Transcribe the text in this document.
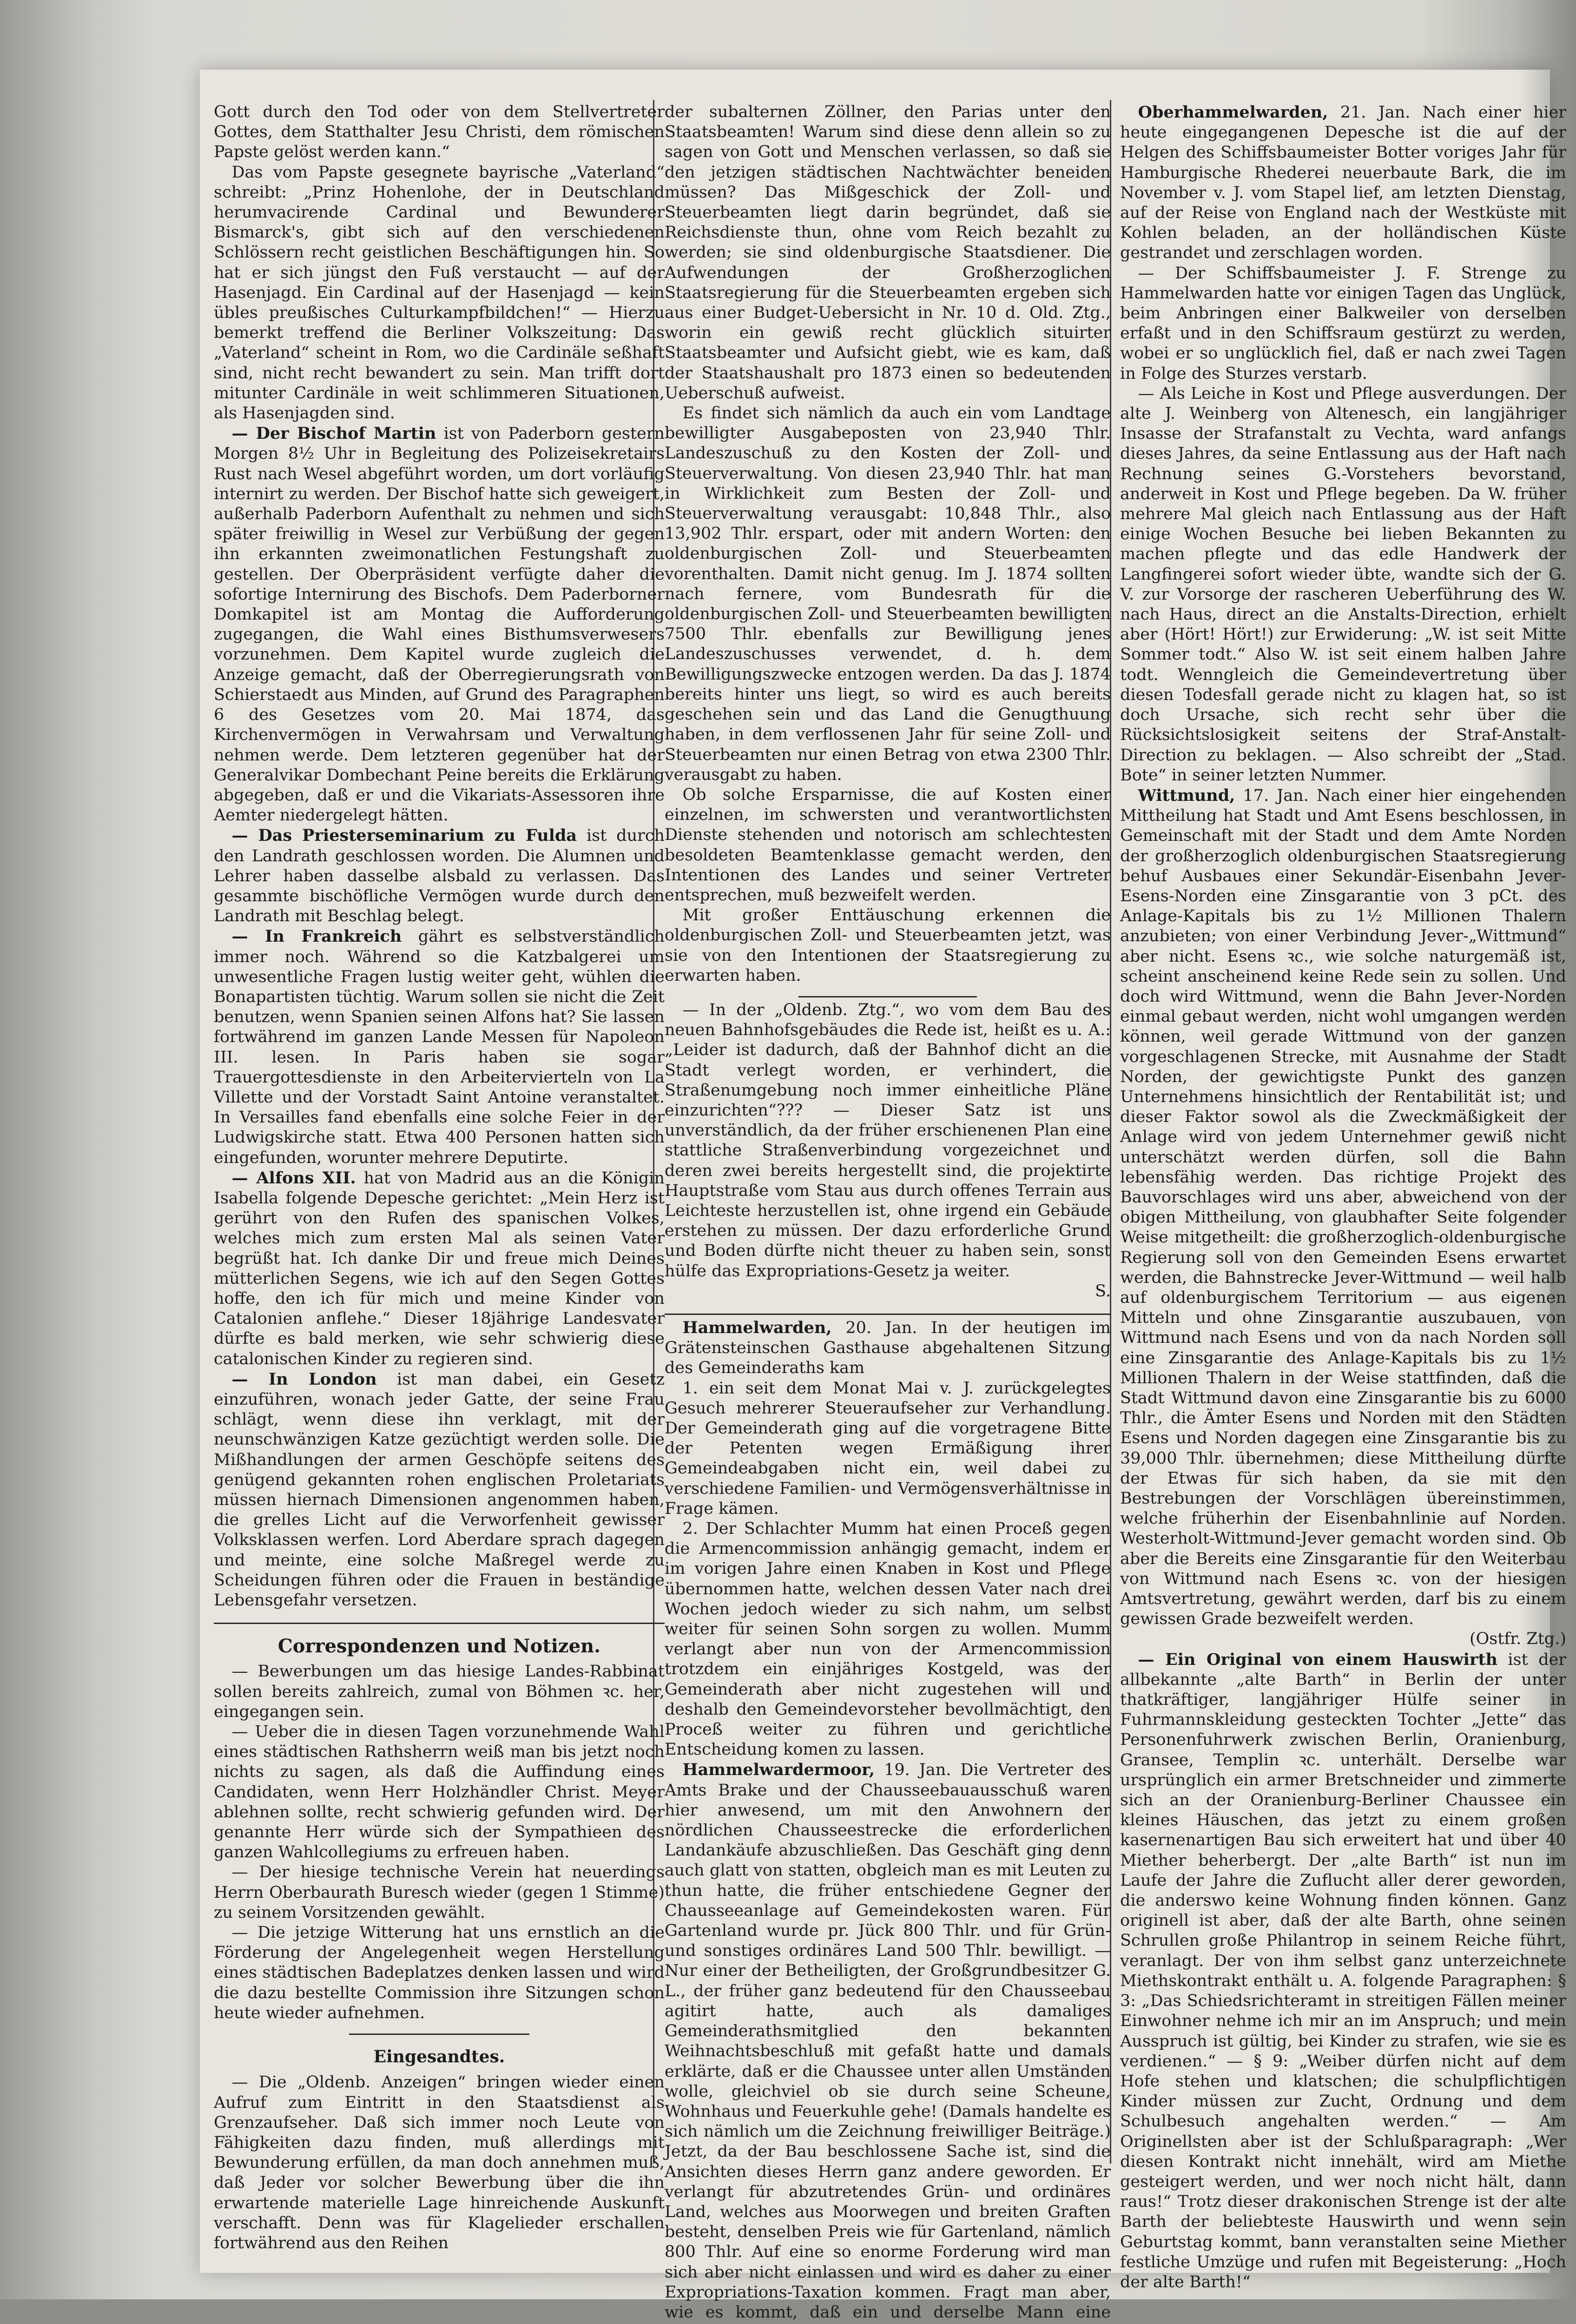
Gott durch den Tod oder von dem Stellvertreter Gottes, dem Statthalter Jesu Christi, dem römischen Papste gelöst werden kann.“

Das vom Papste gesegnete bayrische „Vaterland“ schreibt: „Prinz Hohenlohe, der in Deutschland herumvacirende Cardinal und Bewunderer Bismarck's, gibt sich auf den verschiedenen Schlössern recht geistlichen Beschäftigungen hin. So hat er sich jüngst den Fuß verstaucht — auf der Hasenjagd. Ein Cardinal auf der Hasenjagd — kein übles preußisches Culturkampfbildchen!“ — Hierzu bemerkt treffend die Berliner Volkszeitung: Das „Vaterland“ scheint in Rom, wo die Cardinäle seßhaft sind, nicht recht bewandert zu sein. Man trifft dort mitunter Cardinäle in weit schlimmeren Situationen, als Hasenjagden sind.

— Der Bischof Martin ist von Paderborn gestern Morgen 8½ Uhr in Begleitung des Polizeisekretairs Rust nach Wesel abgeführt worden, um dort vorläufig internirt zu werden. Der Bischof hatte sich geweigert, außerhalb Paderborn Aufenthalt zu nehmen und sich später freiwillig in Wesel zur Verbüßung der gegen ihn erkannten zweimonatlichen Festungshaft zu gestellen. Der Oberpräsident verfügte daher die sofortige Internirung des Bischofs. Dem Paderborner Domkapitel ist am Montag die Aufforderung zugegangen, die Wahl eines Bisthumsverwesers vorzunehmen. Dem Kapitel wurde zugleich die Anzeige gemacht, daß der Oberregierungsrath von Schierstaedt aus Minden, auf Grund des Paragraphen 6 des Gesetzes vom 20. Mai 1874, das Kirchenvermögen in Verwahrsam und Verwaltung nehmen werde. Dem letzteren gegenüber hat der Generalvikar Dombechant Peine bereits die Erklärung abgegeben, daß er und die Vikariats-Assessoren ihre Aemter niedergelegt hätten.

— Das Priesterseminarium zu Fulda ist durch den Landrath geschlossen worden. Die Alumnen und Lehrer haben dasselbe alsbald zu verlassen. Das gesammte bischöfliche Vermögen wurde durch den Landrath mit Beschlag belegt.

— In Frankreich gährt es selbstverständlich immer noch. Während so die Katzbalgerei um unwesentliche Fragen lustig weiter geht, wühlen die Bonapartisten tüchtig. Warum sollen sie nicht die Zeit benutzen, wenn Spanien seinen Alfons hat? Sie lassen fortwährend im ganzen Lande Messen für Napoleon III. lesen. In Paris haben sie sogar Trauergottesdienste in den Arbeitervierteln von La Villette und der Vorstadt Saint Antoine veranstaltet. In Versailles fand ebenfalls eine solche Feier in der Ludwigskirche statt. Etwa 400 Personen hatten sich eingefunden, worunter mehrere Deputirte.

— Alfons XII. hat von Madrid aus an die Königin Isabella folgende Depesche gerichtet: „Mein Herz ist gerührt von den Rufen des spanischen Volkes, welches mich zum ersten Mal als seinen Vater begrüßt hat. Ich danke Dir und freue mich Deines mütterlichen Segens, wie ich auf den Segen Gottes hoffe, den ich für mich und meine Kinder von Catalonien anflehe.“ Dieser 18jährige Landesvater dürfte es bald merken, wie sehr schwierig diese catalonischen Kinder zu regieren sind.

— In London ist man dabei, ein Gesetz einzuführen, wonach jeder Gatte, der seine Frau schlägt, wenn diese ihn verklagt, mit der neunschwänzigen Katze gezüchtigt werden solle. Die Mißhandlungen der armen Geschöpfe seitens des genügend gekannten rohen englischen Proletariats müssen hiernach Dimensionen angenommen haben, die grelles Licht auf die Verworfenheit gewisser Volksklassen werfen. Lord Aberdare sprach dagegen und meinte, eine solche Maßregel werde zu Scheidungen führen oder die Frauen in beständige Lebensgefahr versetzen.

Correspondenzen und Notizen.

— Bewerbungen um das hiesige Landes-Rabbinat sollen bereits zahlreich, zumal von Böhmen ꝛc. her, eingegangen sein.

— Ueber die in diesen Tagen vorzunehmende Wahl eines städtischen Rathsherrn weiß man bis jetzt noch nichts zu sagen, als daß die Auffindung eines Candidaten, wenn Herr Holzhändler Christ. Meyer ablehnen sollte, recht schwierig gefunden wird. Der genannte Herr würde sich der Sympathieen des ganzen Wahlcollegiums zu erfreuen haben.

— Der hiesige technische Verein hat neuerdings Herrn Oberbaurath Buresch wieder (gegen 1 Stimme) zu seinem Vorsitzenden gewählt.

— Die jetzige Witterung hat uns ernstlich an die Förderung der Angelegenheit wegen Herstellung eines städtischen Badeplatzes denken lassen und wird die dazu bestellte Commission ihre Sitzungen schon heute wieder aufnehmen.

Eingesandtes.

— Die „Oldenb. Anzeigen“ bringen wieder einen Aufruf zum Eintritt in den Staatsdienst als Grenzaufseher. Daß sich immer noch Leute von Fähigkeiten dazu finden, muß allerdings mit Bewunderung erfüllen, da man doch annehmen muß, daß Jeder vor solcher Bewerbung über die ihn erwartende materielle Lage hinreichende Auskunft verschafft. Denn was für Klagelieder erschallen fortwährend aus den Reihen

der subalternen Zöllner, den Parias unter den Staatsbeamten! Warum sind diese denn allein so zu sagen von Gott und Menschen verlassen, so daß sie den jetzigen städtischen Nachtwächter beneiden müssen? Das Mißgeschick der Zoll- und Steuerbeamten liegt darin begründet, daß sie Reichsdienste thun, ohne vom Reich bezahlt zu werden; sie sind oldenburgische Staatsdiener. Die Aufwendungen der Großherzoglichen Staatsregierung für die Steuerbeamten ergeben sich aus einer Budget-Uebersicht in Nr. 10 d. Old. Ztg., worin ein gewiß recht glücklich situirter Staatsbeamter und Aufsicht giebt, wie es kam, daß der Staatshaushalt pro 1873 einen so bedeutenden Ueberschuß aufweist.

Es findet sich nämlich da auch ein vom Landtage bewilligter Ausgabeposten von 23,940 Thlr. Landeszuschuß zu den Kosten der Zoll- und Steuerverwaltung. Von diesen 23,940 Thlr. hat man in Wirklichkeit zum Besten der Zoll- und Steuerverwaltung verausgabt: 10,848 Thlr., also 13,902 Thlr. erspart, oder mit andern Worten: den oldenburgischen Zoll- und Steuerbeamten vorenthalten. Damit nicht genug. Im J. 1874 sollten nach fernere, vom Bundesrath für die oldenburgischen Zoll- und Steuerbeamten bewilligten 7500 Thlr. ebenfalls zur Bewilligung jenes Landeszuschusses verwendet, d. h. dem Bewilligungszwecke entzogen werden. Da das J. 1874 bereits hinter uns liegt, so wird es auch bereits geschehen sein und das Land die Genugthuung haben, in dem verflossenen Jahr für seine Zoll- und Steuerbeamten nur einen Betrag von etwa 2300 Thlr. verausgabt zu haben.

Ob solche Ersparnisse, die auf Kosten einer einzelnen, im schwersten und verantwortlichsten Dienste stehenden und notorisch am schlechtesten besoldeten Beamtenklasse gemacht werden, den Intentionen des Landes und seiner Vertreter entsprechen, muß bezweifelt werden.

Mit großer Enttäuschung erkennen die oldenburgischen Zoll- und Steuerbeamten jetzt, was sie von den Intentionen der Staatsregierung zu erwarten haben.

— In der „Oldenb. Ztg.“, wo vom dem Bau des neuen Bahnhofsgebäudes die Rede ist, heißt es u. A.: „Leider ist dadurch, daß der Bahnhof dicht an die Stadt verlegt worden, er verhindert, die Straßenumgebung noch immer einheitliche Pläne einzurichten“??? — Dieser Satz ist uns unverständlich, da der früher erschienenen Plan eine stattliche Straßenverbindung vorgezeichnet und deren zwei bereits hergestellt sind, die projektirte Hauptstraße vom Stau aus durch offenes Terrain aus Leichteste herzustellen ist, ohne irgend ein Gebäude erstehen zu müssen. Der dazu erforderliche Grund und Boden dürfte nicht theuer zu haben sein, sonst hülfe das Expropriations-Gesetz ja weiter.

S.

Hammelwarden, 20. Jan. In der heutigen im Grätensteinschen Gasthause abgehaltenen Sitzung des Gemeinderaths kam

1. ein seit dem Monat Mai v. J. zurückgelegtes Gesuch mehrerer Steueraufseher zur Verhandlung. Der Gemeinderath ging auf die vorgetragene Bitte der Petenten wegen Ermäßigung ihrer Gemeindeabgaben nicht ein, weil dabei zu verschiedene Familien- und Vermögensverhältnisse in Frage kämen.

2. Der Schlachter Mumm hat einen Proceß gegen die Armencommission anhängig gemacht, indem er im vorigen Jahre einen Knaben in Kost und Pflege übernommen hatte, welchen dessen Vater nach drei Wochen jedoch wieder zu sich nahm, um selbst weiter für seinen Sohn sorgen zu wollen. Mumm verlangt aber nun von der Armencommission trotzdem ein einjähriges Kostgeld, was der Gemeinderath aber nicht zugestehen will und deshalb den Gemeindevorsteher bevollmächtigt, den Proceß weiter zu führen und gerichtliche Entscheidung komen zu lassen.

Hammelwardermoor, 19. Jan. Die Vertreter des Amts Brake und der Chausseebauausschuß waren hier anwesend, um mit den Anwohnern der nördlichen Chausseestrecke die erforderlichen Landankäufe abzuschließen. Das Geschäft ging denn auch glatt von statten, obgleich man es mit Leuten zu thun hatte, die früher entschiedene Gegner der Chausseeanlage auf Gemeindekosten waren. Für Gartenland wurde pr. Jück 800 Thlr. und für Grün- und sonstiges ordinäres Land 500 Thlr. bewilligt. — Nur einer der Betheiligten, der Großgrundbesitzer G. L., der früher ganz bedeutend für den Chausseebau agitirt hatte, auch als damaliges Gemeinderathsmitglied den bekannten Weihnachtsbeschluß mit gefaßt hatte und damals erklärte, daß er die Chaussee unter allen Umständen wolle, gleichviel ob sie durch seine Scheune, Wohnhaus und Feuerkuhle gehe! (Damals handelte es sich nämlich um die Zeichnung freiwilliger Beiträge.) Jetzt, da der Bau beschlossene Sache ist, sind die Ansichten dieses Herrn ganz andere geworden. Er verlangt für abzutretendes Grün- und ordinäres Land, welches aus Moorwegen und breiten Graften besteht, denselben Preis wie für Gartenland, nämlich 800 Thlr. Auf eine so enorme Forderung wird man sich aber nicht einlassen und wird es daher zu einer Expropriations-Taxation kommen. Fragt man aber, wie es kommt, daß ein und derselbe Mann eine

Oberhammelwarden, 21. Jan. Nach einer hier heute eingegangenen Depesche ist die auf der Helgen des Schiffsbaumeister Botter voriges Jahr für Hamburgische Rhederei neuerbaute Bark, die im November v. J. vom Stapel lief, am letzten Dienstag, auf der Reise von England nach der Westküste mit Kohlen beladen, an der holländischen Küste gestrandet und zerschlagen worden.

— Der Schiffsbaumeister J. F. Strenge zu Hammelwarden hatte vor einigen Tagen das Unglück, beim Anbringen einer Balkweiler von derselben erfaßt und in den Schiffsraum gestürzt zu werden, wobei er so unglücklich fiel, daß er nach zwei Tagen in Folge des Sturzes verstarb.

— Als Leiche in Kost und Pflege ausverdungen. Der alte J. Weinberg von Altenesch, ein langjähriger Insasse der Strafanstalt zu Vechta, ward anfangs dieses Jahres, da seine Entlassung aus der Haft nach Rechnung seines G.-Vorstehers bevorstand, anderweit in Kost und Pflege begeben. Da W. früher mehrere Mal gleich nach Entlassung aus der Haft einige Wochen Besuche bei lieben Bekannten zu machen pflegte und das edle Handwerk der Langfingerei sofort wieder übte, wandte sich der G. V. zur Vorsorge der rascheren Ueberführung des W. nach Haus, direct an die Anstalts-Direction, erhielt aber (Hört! Hört!) zur Erwiderung: „W. ist seit Mitte Sommer todt.“ Also W. ist seit einem halben Jahre todt. Wenngleich die Gemeindevertretung über diesen Todesfall gerade nicht zu klagen hat, so ist doch Ursache, sich recht sehr über die Rücksichtslosigkeit seitens der Straf-Anstalt-Direction zu beklagen. — Also schreibt der „Stad. Bote“ in seiner letzten Nummer.

Wittmund, 17. Jan. Nach einer hier eingehenden Mittheilung hat Stadt und Amt Esens beschlossen, in Gemeinschaft mit der Stadt und dem Amte Norden der großherzoglich oldenburgischen Staatsregierung behuf Ausbaues einer Sekundär-Eisenbahn Jever-Esens-Norden eine Zinsgarantie von 3 pCt. des Anlage-Kapitals bis zu 1½ Millionen Thalern anzubieten; von einer Verbindung Jever-„Wittmund“ aber nicht. Esens ꝛc., wie solche naturgemäß ist, scheint anscheinend keine Rede sein zu sollen. Und doch wird Wittmund, wenn die Bahn Jever-Norden einmal gebaut werden, nicht wohl umgangen werden können, weil gerade Wittmund von der ganzen vorgeschlagenen Strecke, mit Ausnahme der Stadt Norden, der gewichtigste Punkt des ganzen Unternehmens hinsichtlich der Rentabilität ist; und dieser Faktor sowol als die Zweckmäßigkeit der Anlage wird von jedem Unternehmer gewiß nicht unterschätzt werden dürfen, soll die Bahn lebensfähig werden. Das richtige Projekt des Bauvorschlages wird uns aber, abweichend von der obigen Mittheilung, von glaubhafter Seite folgender Weise mitgetheilt: die großherzoglich-oldenburgische Regierung soll von den Gemeinden Esens erwartet werden, die Bahnstrecke Jever-Wittmund — weil halb auf oldenburgischem Territorium — aus eigenen Mitteln und ohne Zinsgarantie auszubauen, von Wittmund nach Esens und von da nach Norden soll eine Zinsgarantie des Anlage-Kapitals bis zu 1½ Millionen Thalern in der Weise stattfinden, daß die Stadt Wittmund davon eine Zinsgarantie bis zu 6000 Thlr., die Ämter Esens und Norden mit den Städten Esens und Norden dagegen eine Zinsgarantie bis zu 39,000 Thlr. übernehmen; diese Mittheilung dürfte der Etwas für sich haben, da sie mit den Bestrebungen der Vorschlägen übereinstimmen, welche früherhin der Eisenbahnlinie auf Norden. Westerholt-Wittmund-Jever gemacht worden sind. Ob aber die Bereits eine Zinsgarantie für den Weiterbau von Wittmund nach Esens ꝛc. von der hiesigen Amtsvertretung, gewährt werden, darf bis zu einem gewissen Grade bezweifelt werden.

(Ostfr. Ztg.)

— Ein Original von einem Hauswirth ist der allbekannte „alte Barth“ in Berlin der unter thatkräftiger, langjähriger Hülfe seiner in Fuhrmannskleidung gesteckten Tochter „Jette“ das Personenfuhrwerk zwischen Berlin, Oranienburg, Gransee, Templin ꝛc. unterhält. Derselbe war ursprünglich ein armer Bretschneider und zimmerte sich an der Oranienburg-Berliner Chaussee ein kleines Häuschen, das jetzt zu einem großen kasernenartigen Bau sich erweitert hat und über 40 Miether beherbergt. Der „alte Barth“ ist nun im Laufe der Jahre die Zuflucht aller derer geworden, die anderswo keine Wohnung finden können. Ganz originell ist aber, daß der alte Barth, ohne seinen Schrullen große Philantrop in seinem Reiche führt, veranlagt. Der von ihm selbst ganz unterzeichnete Miethskontrakt enthält u. A. folgende Paragraphen: § 3: „Das Schiedsrichteramt in streitigen Fällen meiner Einwohner nehme ich mir an im Anspruch; und mein Ausspruch ist gültig, bei Kinder zu strafen, wie sie es verdienen.“ — § 9: „Weiber dürfen nicht auf dem Hofe stehen und klatschen; die schulpflichtigen Kinder müssen zur Zucht, Ordnung und dem Schulbesuch angehalten werden.“ — Am Originellsten aber ist der Schlußparagraph: „Wer diesen Kontrakt nicht innehält, wird am Miethe gesteigert werden, und wer noch nicht hält, dann raus!“ Trotz dieser drakonischen Strenge ist der alte Barth der beliebteste Hauswirth und wenn sein Geburtstag kommt, bann veranstalten seine Miether festliche Umzüge und rufen mit Begeisterung: „Hoch der alte Barth!“
